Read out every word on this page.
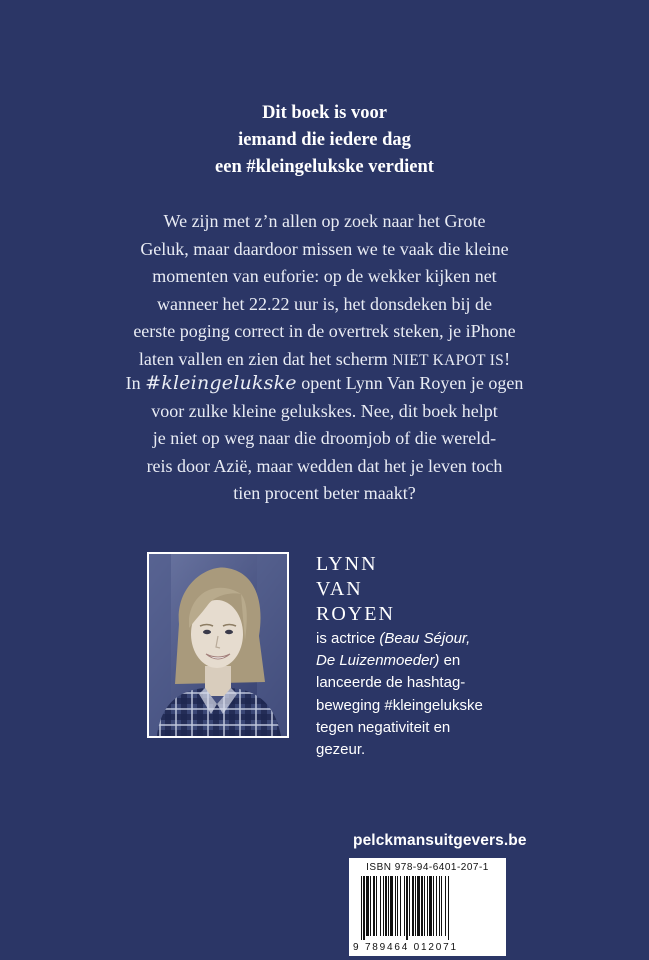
Dit boek is voor
iemand die iedere dag
een #kleingelukske verdient
We zijn met z’n allen op zoek naar het Grote
Geluk, maar daardoor missen we te vaak die kleine
momenten van euforie: op de wekker kijken net
wanneer het 22.22 uur is, het donsdeken bij de
eerste poging correct in de overtrek steken, je iPhone
laten vallen en zien dat het scherm NIET KAPOT IS!
In #kleingelukske opent Lynn Van Royen je ogen
voor zulke kleine gelukskes. Nee, dit boek helpt
je niet op weg naar die droomjob of die wereld-
reis door Azië, maar wedden dat het je leven toch
tien procent beter maakt?
LYNN
VAN
ROYEN
is actrice (Beau Séjour,
De Luizenmoeder) en
lanceerde de hashtag-
beweging #kleingelukske
tegen negativiteit en
gezeur.
pelckmansuitgevers.be
ISBN 978-94-6401-207-1
9 789464 012071
